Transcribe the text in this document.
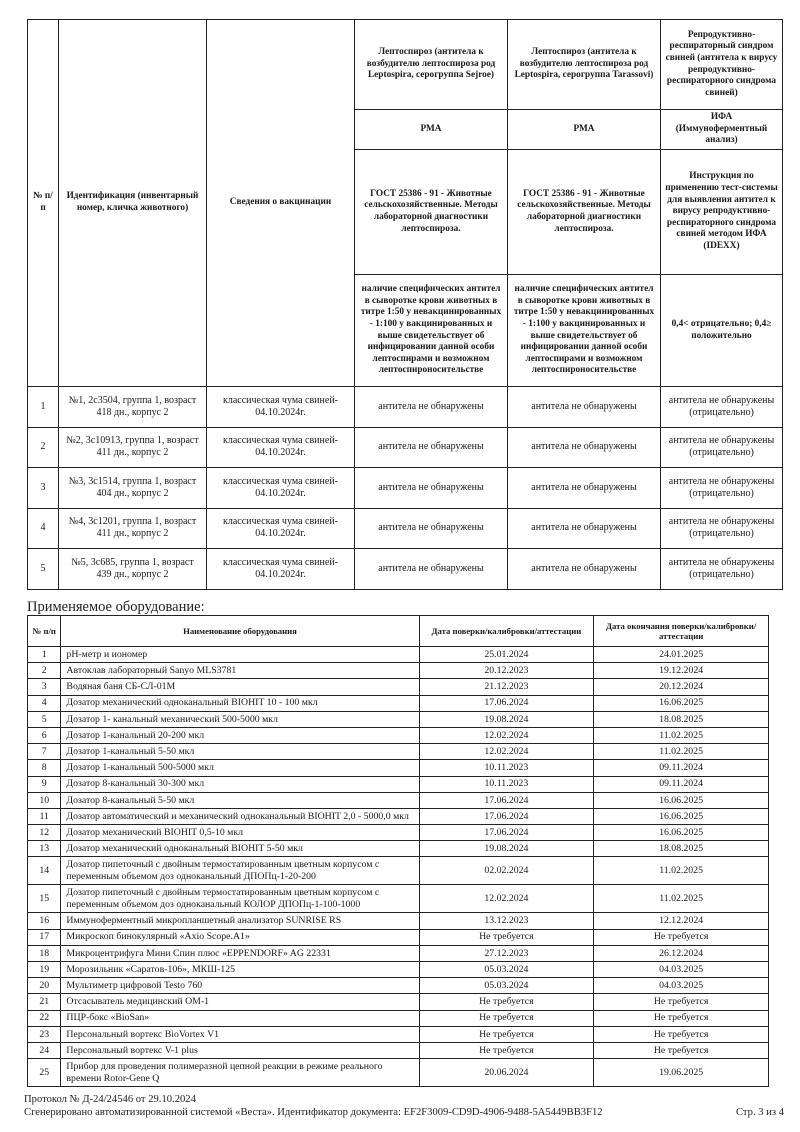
№ п/п	Идентификация (инвентарный номер, кличка животного)	Сведения о вакцинации	Лептоспироз (антитела к возбудителю лептоспироза род Leptospira, серогруппа Sejroe)	Лептоспироз (антитела к возбудителю лептоспироза род Leptospira, серогруппа Tarassovi)	Репродуктивно-респираторный синдром свиней (антитела к вирусу репродуктивно-респираторного синдрома свиней)
			РМА	РМА	ИФА (Иммуноферментный анализ)
			ГОСТ 25386 - 91 - Животные сельскохозяйственные. Методы лабораторной диагностики лептоспироза.	ГОСТ 25386 - 91 - Животные сельскохозяйственные. Методы лабораторной диагностики лептоспироза.	Инструкция по применению тест-системы для выявления антител к вирусу репродуктивно-респираторного синдрома свиней методом ИФА (IDEXX)
наличие специфических антител в сыворотке крови животных в титре 1:50 у невакцинированных - 1:100 у вакцинированных и выше свидетельствует об инфицировании данной особи лептоспирами и возможном лептоспироносительстве	наличие специфических антител в сыворотке крови животных в титре 1:50 у невакцинированных - 1:100 у вакцинированных и выше свидетельствует об инфицировании данной особи лептоспирами и возможном лептоспироносительстве	0,4< отрицательно; 0,4≥ положительно
1	№1, 2с3504, группа 1, возраст 418 дн., корпус 2	классическая чума свиней- 04.10.2024г.	антитела не обнаружены	антитела не обнаружены	антитела не обнаружены (отрицательно)
2	№2, 3с10913, группа 1, возраст 411 дн., корпус 2	классическая чума свиней- 04.10.2024г.	антитела не обнаружены	антитела не обнаружены	антитела не обнаружены (отрицательно)
3	№3, 3с1514, группа 1, возраст 404 дн., корпус 2	классическая чума свиней- 04.10.2024г.	антитела не обнаружены	антитела не обнаружены	антитела не обнаружены (отрицательно)
4	№4, 3с1201, группа 1, возраст 411 дн., корпус 2	классическая чума свиней- 04.10.2024г.	антитела не обнаружены	антитела не обнаружены	антитела не обнаружены (отрицательно)
5	№5, 3с685, группа 1, возраст 439 дн., корпус 2	классическая чума свиней- 04.10.2024г.	антитела не обнаружены	антитела не обнаружены	антитела не обнаружены (отрицательно)
Применяемое оборудование:
№ п/п	Наименование оборудования	Дата поверки/калибровки/аттестации	Дата окончания поверки/калибровки/аттестации
1	pH-метр и иономер	25.01.2024	24.01.2025
2	Автоклав лабораторный Sanyo MLS3781	20.12.2023	19.12.2024
3	Водяная баня СБ-СЛ-01М	21.12.2023	20.12.2024
4	Дозатор механический одноканальный BIOHIT 10 - 100 мкл	17.06.2024	16.06.2025
5	Дозатор 1- канальный механический 500-5000 мкл	19.08.2024	18.08.2025
6	Дозатор 1-канальный 20-200 мкл	12.02.2024	11.02.2025
7	Дозатор 1-канальный 5-50 мкл	12.02.2024	11.02.2025
8	Дозатор 1-канальный 500-5000 мкл	10.11.2023	09.11.2024
9	Дозатор 8-канальный 30-300 мкл	10.11.2023	09.11.2024
10	Дозатор 8-канальный 5-50 мкл	17.06.2024	16.06.2025
11	Дозатор автоматический и механический одноканальный BIOHIT 2,0 - 5000,0 мкл	17.06.2024	16.06.2025
12	Дозатор механический BIOHIT 0,5-10 мкл	17.06.2024	16.06.2025
13	Дозатор механический одноканальный BIOHIT 5-50 мкл	19.08.2024	18.08.2025
14	Дозатор пипеточный с двойным термостатированным цветным корпусом с переменным объемом доз одноканальный ДПОПц-1-20-200	02.02.2024	11.02.2025
15	Дозатор пипеточный с двойным термостатированным цветным корпусом с переменным объемом доз одноканальный КОЛОР ДПОПц-1-100-1000	12.02.2024	11.02.2025
16	Иммуноферментный микропланшетный анализатор SUNRISE RS	13.12.2023	12.12.2024
17	Микроскоп бинокулярный «Axio Scope.A1»	Не требуется	Не требуется
18	Микроцентрифуга Мини Спин плюс «EPPENDORF» AG 22331	27.12.2023	26.12.2024
19	Морозильник «Саратов-106», МКШ-125	05.03.2024	04.03.2025
20	Мультиметр цифровой Testo 760	05.03.2024	04.03.2025
21	Отсасыватель медицинский ОМ-1	Не требуется	Не требуется
22	ПЦР-бокс «BioSan»	Не требуется	Не требуется
23	Персональный вортекс BioVortex V1	Не требуется	Не требуется
24	Персональный вортекс V-1 plus	Не требуется	Не требуется
25	Прибор для проведения полимеразной цепной реакции в режиме реального времени Rotor-Gene Q	20.06.2024	19.06.2025
Протокол № Д-24/24546 от 29.10.2024
Сгенерировано автоматизированной системой «Веста». Идентификатор документа: EF2F3009-CD9D-4906-9488-5A5449BB3F12	Стр. 3 из 4
